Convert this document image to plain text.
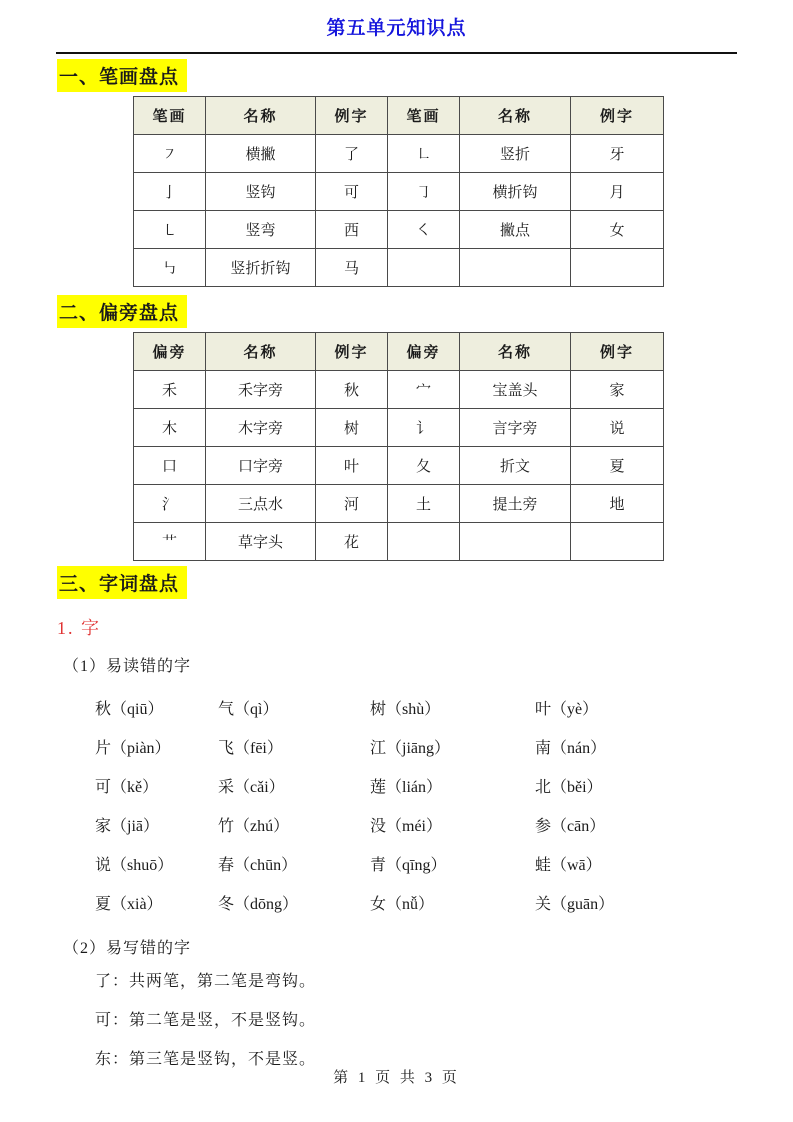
第五单元知识点
一、笔画盘点
笔画	名称	例字	笔画	名称	例字
㇇	横撇	了	㇗	竖折	牙
亅	竖钩	可	㇆	横折钩	月
㇄	竖弯	西	㇛	撇点	女
㇉	竖折折钩	马			
二、偏旁盘点
偏旁	名称	例字	偏旁	名称	例字
禾	禾字旁	秋	宀	宝盖头	家
木	木字旁	树	讠	言字旁	说
口	口字旁	叶	夂	折文	夏
氵	三点水	河	土	提土旁	地
艹	草字头	花			
三、字词盘点
1. 字
（1）易读错的字
秋（qiū）	气（qì）	树（shù）	叶（yè）
片（piàn）	飞（fēi）	江（jiāng）	南（nán）
可（kě）	采（cǎi）	莲（lián）	北（běi）
家（jiā）	竹（zhú）	没（méi）	参（cān）
说（shuō）	春（chūn）	青（qīng）	蛙（wā）
夏（xià）	冬（dōng）	女（nǚ）	关（guān）
（2）易写错的字
了：共两笔，第二笔是弯钩。
可：第二笔是竖，不是竖钩。
东：第三笔是竖钩，不是竖。
第 1 页 共 3 页
